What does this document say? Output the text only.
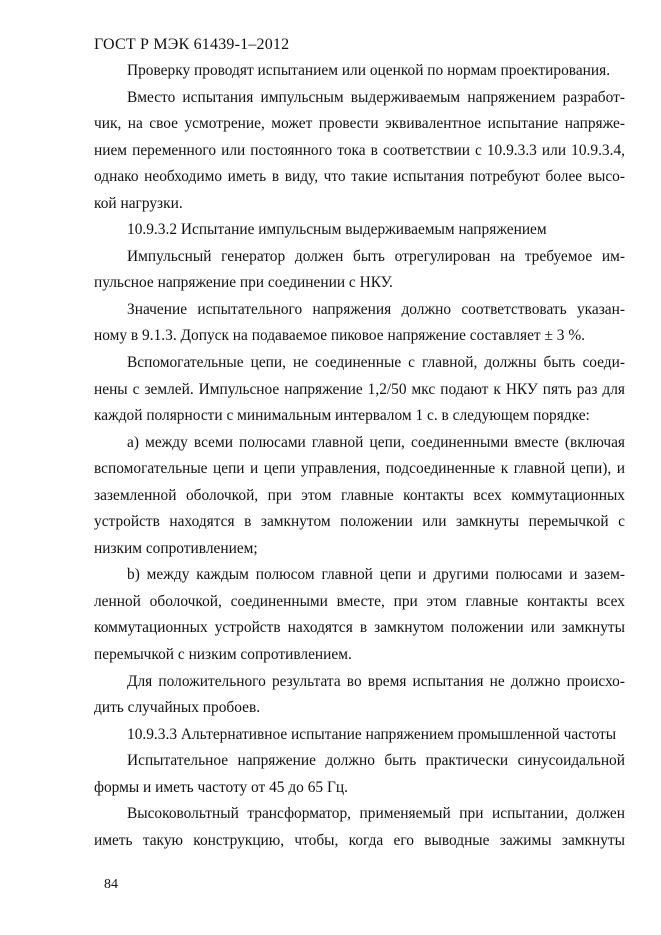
ГОСТ Р МЭК 61439-1–2012

Проверку проводят испытанием или оценкой по нормам проектирования.

Вместо испытания импульсным выдерживаемым напряжением разработ-

чик, на свое усмотрение, может провести эквивалентное испытание напряже-

нием переменного или постоянного тока в соответствии с 10.9.3.3 или 10.9.3.4,

однако необходимо иметь в виду, что такие испытания потребуют более высо-

кой нагрузки.

10.9.3.2 Испытание импульсным выдерживаемым напряжением

Импульсный генератор должен быть отрегулирован на требуемое им-

пульсное напряжение при соединении с НКУ.

Значение испытательного напряжения должно соответствовать указан-

ному в 9.1.3. Допуск на подаваемое пиковое напряжение составляет ± 3 %.

Вспомогательные цепи, не соединенные с главной, должны быть соеди-

нены с землей. Импульсное напряжение 1,2/50 мкс подают к НКУ пять раз для

каждой полярности с минимальным интервалом 1 с. в следующем порядке:

а) между всеми полюсами главной цепи, соединенными вместе (включая

вспомогательные цепи и цепи управления, подсоединенные к главной цепи), и

заземленной оболочкой, при этом главные контакты всех коммутационных

устройств находятся в замкнутом положении или замкнуты перемычкой с

низким сопротивлением;

b) между каждым полюсом главной цепи и другими полюсами и зазем-

ленной оболочкой, соединенными вместе, при этом главные контакты всех

коммутационных устройств находятся в замкнутом положении или замкнуты

перемычкой с низким сопротивлением.

Для положительного результата во время испытания не должно происхо-

дить случайных пробоев.

10.9.3.3 Альтернативное испытание напряжением промышленной частоты

Испытательное напряжение должно быть практически синусоидальной

формы и иметь частоту от 45 до 65 Гц.

Высоковольтный трансформатор, применяемый при испытании, должен

иметь такую конструкцию, чтобы, когда его выводные зажимы замкнуты

84
